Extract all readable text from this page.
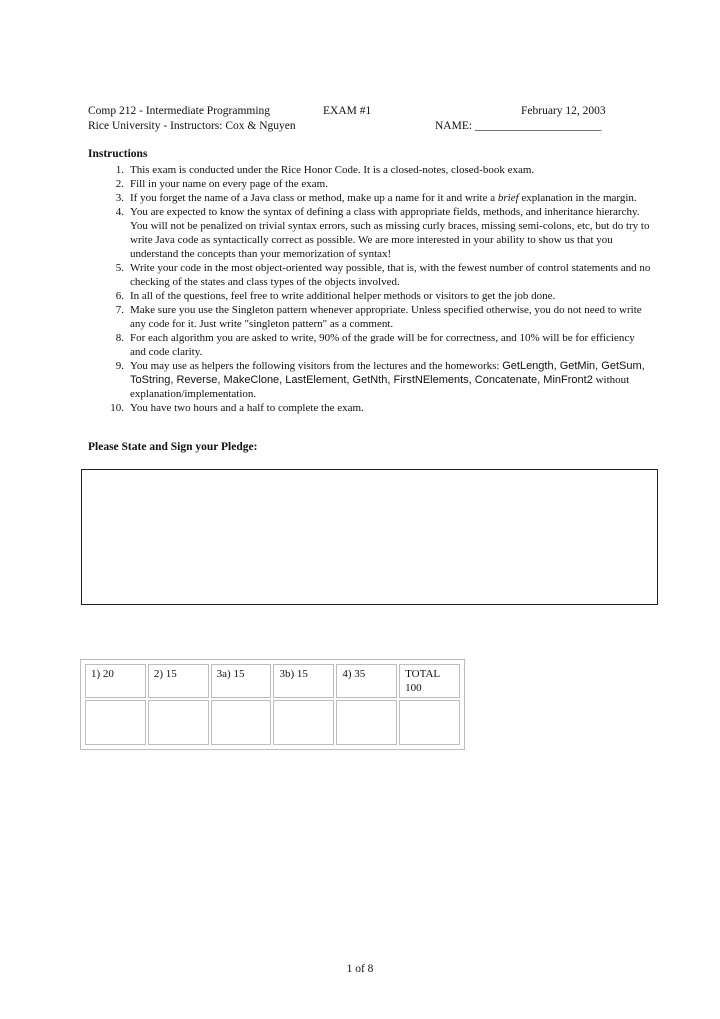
Comp 212 - Intermediate Programming	EXAM #1	February 12, 2003
Rice University - Instructors: Cox & Nguyen	NAME: ______________________
Instructions
1. This exam is conducted under the Rice Honor Code. It is a closed-notes, closed-book exam.
2. Fill in your name on every page of the exam.
3. If you forget the name of a Java class or method, make up a name for it and write a brief explanation in the margin.
4. You are expected to know the syntax of defining a class with appropriate fields, methods, and inheritance hierarchy. You will not be penalized on trivial syntax errors, such as missing curly braces, missing semi-colons, etc, but do try to write Java code as syntactically correct as possible. We are more interested in your ability to show us that you understand the concepts than your memorization of syntax!
5. Write your code in the most object-oriented way possible, that is, with the fewest number of control statements and no checking of the states and class types of the objects involved.
6. In all of the questions, feel free to write additional helper methods or visitors to get the job done.
7. Make sure you use the Singleton pattern whenever appropriate. Unless specified otherwise, you do not need to write any code for it. Just write "singleton pattern" as a comment.
8. For each algorithm you are asked to write, 90% of the grade will be for correctness, and 10% will be for efficiency and code clarity.
9. You may use as helpers the following visitors from the lectures and the homeworks: GetLength, GetMin, GetSum, ToString, Reverse, MakeClone, LastElement, GetNth, FirstNElements, Concatenate, MinFront2 without explanation/implementation.
10. You have two hours and a half to complete the exam.
Please State and Sign your Pledge:
1) 20	2) 15	3a) 15	3b) 15	4) 35	TOTAL 100

1 of 8
